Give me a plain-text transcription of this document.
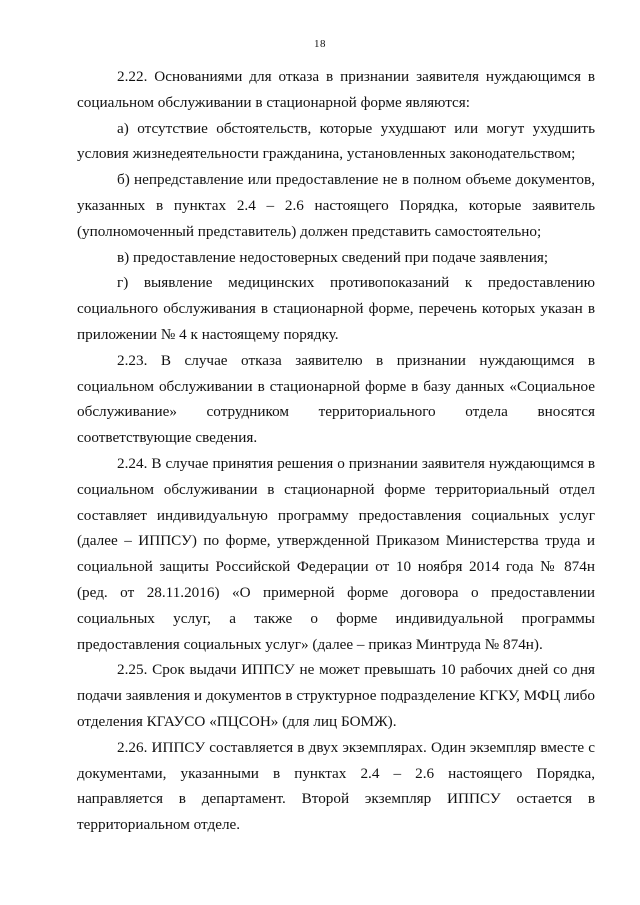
18

2.22. Основаниями для отказа в признании заявителя нуждающимся в социальном обслуживании в стационарной форме являются:

а) отсутствие обстоятельств, которые ухудшают или могут ухудшить условия жизнедеятельности гражданина, установленных законодательством;

б) непредставление или предоставление не в полном объеме документов, указанных в пунктах 2.4 – 2.6 настоящего Порядка, которые заявитель (уполномоченный представитель) должен представить самостоятельно;

в) предоставление недостоверных сведений при подаче заявления;

г) выявление медицинских противопоказаний к предоставлению социального обслуживания в стационарной форме, перечень которых указан в приложении № 4 к настоящему порядку.

2.23. В случае отказа заявителю в признании нуждающимся в социальном обслуживании в стационарной форме в базу данных «Социальное обслуживание» сотрудником территориального отдела вносятся соответствующие сведения.

2.24. В случае принятия решения о признании заявителя нуждающимся в социальном обслуживании в стационарной форме территориальный отдел составляет индивидуальную программу предоставления социальных услуг (далее – ИППСУ) по форме, утвержденной Приказом Министерства труда и социальной защиты Российской Федерации от 10 ноября 2014 года № 874н (ред. от 28.11.2016) «О примерной форме договора о предоставлении социальных услуг, а также о форме индивидуальной программы предоставления социальных услуг» (далее – приказ Минтруда № 874н).

2.25. Срок выдачи ИППСУ не может превышать 10 рабочих дней со дня подачи заявления и документов в структурное подразделение КГКУ, МФЦ либо отделения КГАУСО «ПЦСОН» (для лиц БОМЖ).

2.26. ИППСУ составляется в двух экземплярах. Один экземпляр вместе с документами, указанными в пунктах 2.4 – 2.6 настоящего Порядка, направляется в департамент. Второй экземпляр ИППСУ остается в территориальном отделе.
